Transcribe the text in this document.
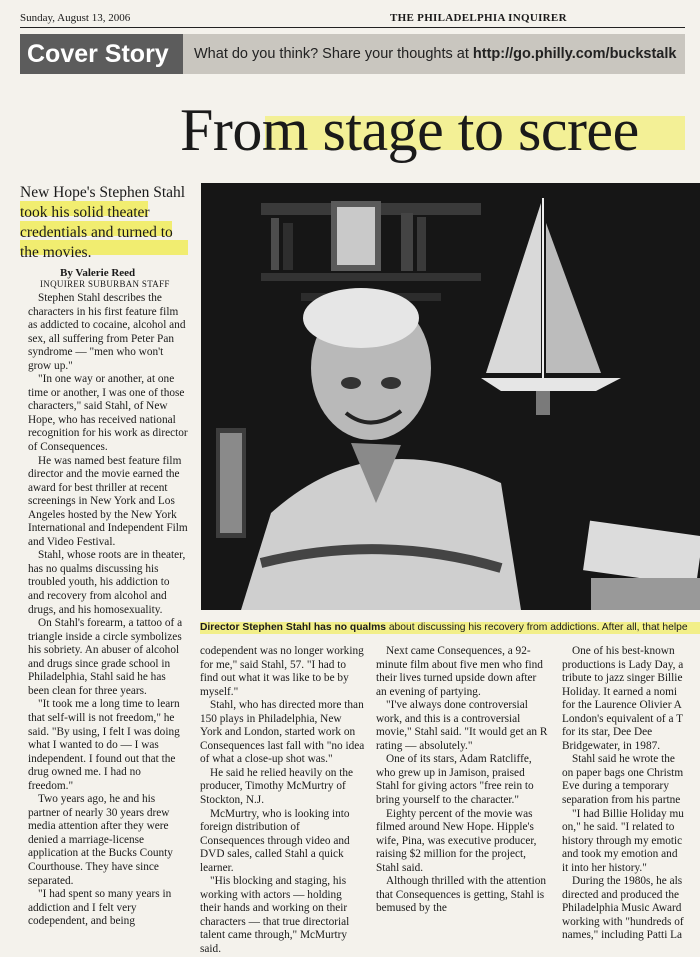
Sunday, August 13, 2006	THE PHILADELPHIA INQUIRER
Cover Story	What do you think? Share your thoughts at http://go.philly.com/buckstalk
From stage to scree
New Hope's Stephen Stahl took his solid theater credentials and turned to the movies.
By Valerie Reed
INQUIRER SUBURBAN STAFF
Director Stephen Stahl has no qualms about discussing his recovery from addictions. After all, that helpe

Stephen Stahl describes the characters in his first feature film as addicted to cocaine, alcohol and sex, all suffering from Peter Pan syndrome — "men who won't grow up."

"In one way or another, at one time or another, I was one of those characters," said Stahl, of New Hope, who has received national recognition for his work as director of Consequences.

He was named best feature film director and the movie earned the award for best thriller at recent screenings in New York and Los Angeles hosted by the New York International and Independent Film and Video Festival.

Stahl, whose roots are in theater, has no qualms discussing his troubled youth, his addiction to and recovery from alcohol and drugs, and his homosexuality.

On Stahl's forearm, a tattoo of a triangle inside a circle symbolizes his sobriety. An abuser of alcohol and drugs since grade school in Philadelphia, Stahl said he has been clean for three years.

"It took me a long time to learn that self-will is not freedom," he said. "By using, I felt I was doing what I wanted to do — I was independent. I found out that the drug owned me. I had no freedom."

Two years ago, he and his partner of nearly 30 years drew media attention after they were denied a marriage-license application at the Bucks County Courthouse. They have since separated.

"I had spent so many years in addiction and I felt very codependent, and being

codependent was no longer working for me," said Stahl, 57. "I had to find out what it was like to be by myself."

Stahl, who has directed more than 150 plays in Philadelphia, New York and London, started work on Consequences last fall with "no idea of what a close-up shot was."

He said he relied heavily on the producer, Timothy McMurtry of Stockton, N.J.

McMurtry, who is looking into foreign distribution of Consequences through video and DVD sales, called Stahl a quick learner.

"His blocking and staging, his working with actors — holding their hands and working on their characters — that true directorial talent came through," McMurtry said.

Next came Consequences, a 92-minute film about five men who find their lives turned upside down after an evening of partying.

"I've always done controversial work, and this is a controversial movie," Stahl said. "It would get an R rating — absolutely."

One of its stars, Adam Ratcliffe, who grew up in Jamison, praised Stahl for giving actors "free rein to bring yourself to the character."

Eighty percent of the movie was filmed around New Hope. Hipple's wife, Pina, was executive producer, raising $2 million for the project, Stahl said.

Although thrilled with the attention that Consequences is getting, Stahl is bemused by the

One of his best-known
productions is Lady Day, a
tribute to jazz singer Billie
Holiday. It earned a nomi
for the Laurence Olivier A
London's equivalent of a T
for its star, Dee Dee
Bridgewater, in 1987.
Stahl said he wrote the
on paper bags one Christm
Eve during a temporary
separation from his partne
"I had Billie Holiday mu
on," he said. "I related to
history through my emotic
and took my emotion and
it into her history."
During the 1980s, he als
directed and produced the
Philadelphia Music Award
working with "hundreds of
names," including Patti La
